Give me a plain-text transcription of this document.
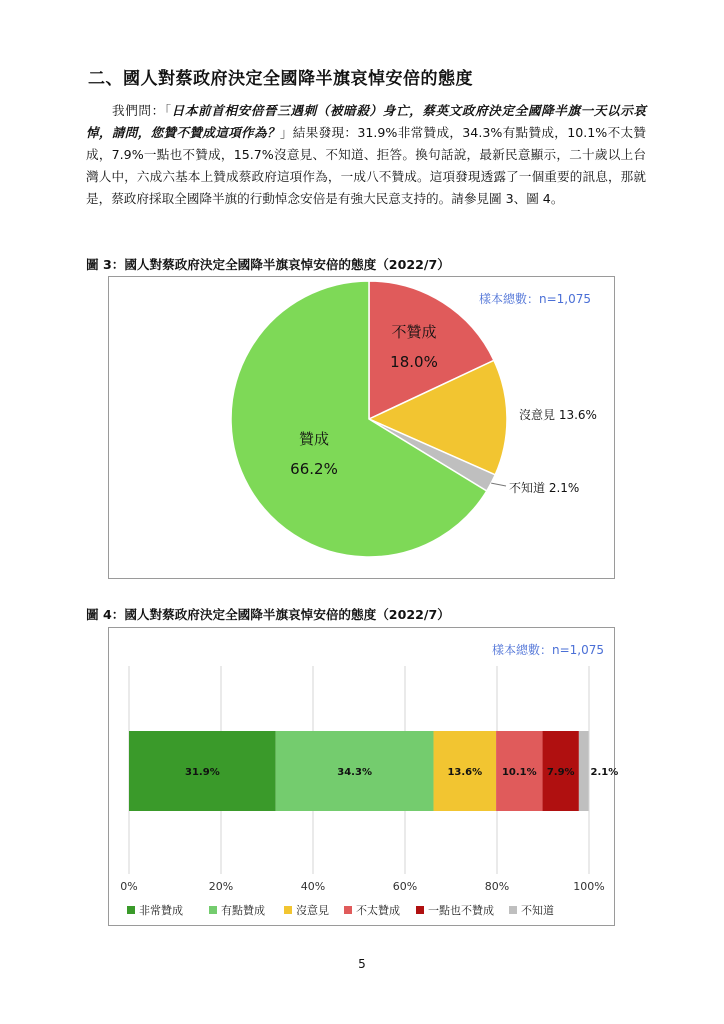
二、國人對蔡政府決定全國降半旗哀悼安倍的態度

我們問：「日本前首相安倍晉三遇刺（被暗殺）身亡，蔡英文政府決定全國降半旗一天以示哀悼，請問，您贊不贊成這項作為？」結果發現：31.9%非常贊成，34.3%有點贊成，10.1%不太贊成，7.9%一點也不贊成，15.7%沒意見、不知道、拒答。換句話說，最新民意顯示，二十歲以上台灣人中，六成六基本上贊成蔡政府這項作為，一成八不贊成。這項發現透露了一個重要的訊息，那就是，蔡政府採取全國降半旗的行動悼念安倍是有強大民意支持的。請參見圖 3、圖 4。

圖 3：國人對蔡政府決定全國降半旗哀悼安倍的態度（2022/7）

不贊成
18.0%
贊成
66.2%
沒意見 13.6%
不知道 2.1%
樣本總數：n=1,075

圖 4：國人對蔡政府決定全國降半旗哀悼安倍的態度（2022/7）

樣本總數：n=1,075
0%	20%	40%	60%	80%	100%
31.9%	34.3%	13.6% 10.1% 7.9% 2.1%
非常贊成	有點贊成	沒意見 不太贊成	一點也不贊成 不知道
5
